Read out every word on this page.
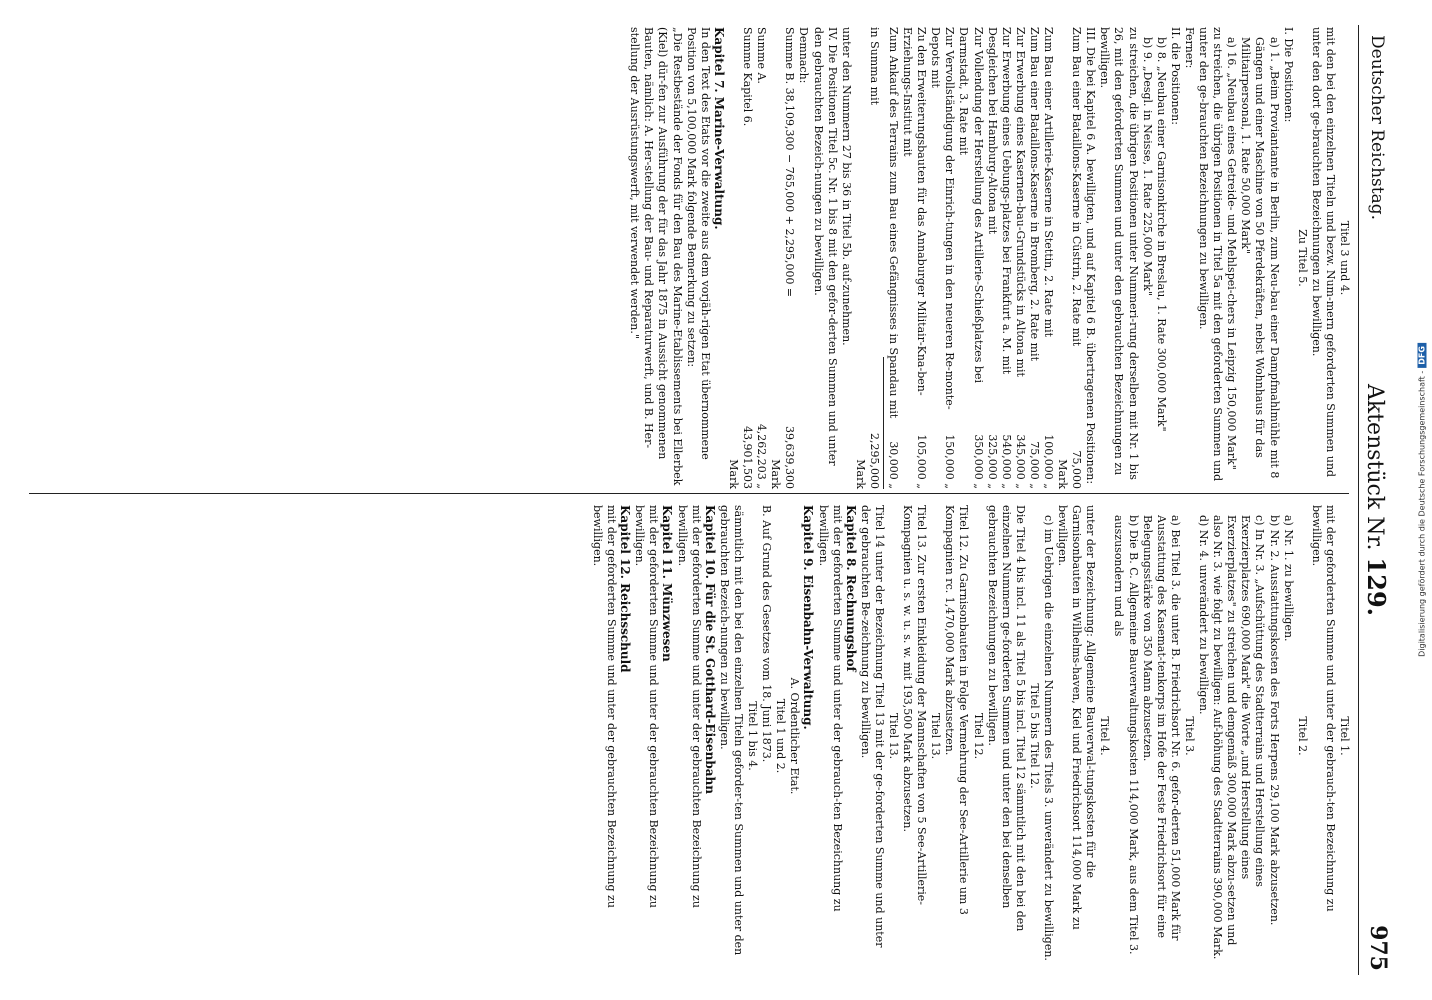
Deutscher Reichstag.
Aktenstück Nr. 129.
975

Titel 3 und 4.

mit den bei den einzelnen Titeln und bezw. Num-mern geforderten Summen und unter den dort ge-brauchten Bezeichnungen zu bewilligen.

Zu Titel 5.

I. Die Positionen:

a) 1. „Beim Proviantamte in Berlin, zum Neu-bau einer Dampfmahlmühle mit 8 Gängen und einer Maschine von 50 Pferdekräften, nebst Wohnhaus für das Militairpersonal, 1. Rate 50,000 Mark"

a) 16. „Neubau eines Getreide- und Mehlspei-chers in Leipzig 150,000 Mark"

zu streichen, die übrigen Positionen in Titel 5a mit den geforderten Summen und unter den ge-brauchten Bezeichnungen zu bewilligen.

Ferner:

II. die Positionen:

b) 8. „Neubau einer Garnisonkirche in Breslau, 1. Rate 300,000 Mark"

b) 9. „Desgl. in Neisse, 1. Rate 225,000 Mark"

zu streichen, die übrigen Positionen unter Nummeri-rung derselben mit Nr. 1 bis 26, mit den geforderten Summen und unter den gebrauchten Bezeichnungen zu bewilligen.

III. Die bei Kapitel 6 A. bewilligten, und auf Kapitel 6 B. übertragenen Positionen:

Zum Bau einer Bataillons-Kaserne in Cüstrin, 2. Rate mit
75,000 Mark
Zum Bau einer Artillerie-Kaserne in Stettin, 2. Rate mit
100,000 „
Zum Bau einer Bataillons-Kaserne in Bromberg, 2. Rate mit
75,000 „
Zur Erwerbung eines Kasernen-bau-Grundstücks in Altona mit
345,000 „
Zur Erwerbung eines Uebungs-platzes bei Frankfurt a. M. mit
540,000 „
Desgleichen bei Hamburg-Altona mit
325,000 „
Zur Vollendung der Herstellung des Artillerie-Schießplatzes bei Darmstadt, 3. Rate mit
350,000 „
Zur Vervollständigung der Einrich-tungen in den neueren Re-monte-Depots mit
150,000 „
Zu den Erweiterungsbauten für das Annaburger Militair-Kna-ben-Erziehungs-Institut mit
105,000 „
Zum Ankauf des Terrains zum Bau eines Gefängnisses in Spandau mit
30,000 „
in Summa mit
2,295,000 Mark

unter den Nummern 27 bis 36 in Titel 5b. auf-zunehmen.

IV. Die Positionen Titel 5c. Nr. 1 bis 8 mit den gefor-derten Summen und unter den gebrauchten Bezeich-nungen zu bewilligen.

Demnach:

Summe B. 38,109,300 − 765,000 + 2,295,000 =
39,639,300 Mark
Summe A.
4,262,203 „
Summe Kapitel 6.
43,901,503 Mark

Kapitel 7. Marine-Verwaltung.

In den Text des Etats vor die zweite aus dem vorjäh-rigen Etat übernommene Position von 5,100,000 Mark folgende Bemerkung zu setzen:

„Die Restbestände der Fonds für den Bau des Marine-Etablissements bei Ellerbek (Kiel) dür-fen zur Ausführung der für das Jahr 1875 in Aussicht genommenen Bauten, nämlich: A. Her-stellung der Bau- und Reparaturwerft, und B. Her-stellung der Ausrüstungswerft, mit verwendet werden."

Titel 1.

mit der geforderten Summe und unter der gebrauch-ten Bezeichnung zu bewilligen.

Titel 2.

a) Nr. 1. zu bewilligen.

b) Nr. 2. Ausstattungskosten des Forts Herpens 29,100 Mark abzusetzen.

c) In Nr. 3. „Aufschüttung des Stadtterrains und Herstellung eines Exerzierplatzes 690,000 Mark" die Worte „und Herstellung eines Exerzierplatzes" zu streichen und demgemäß 300,000 Mark abzu-setzen und also Nr. 3. wie folgt zu bewilligen: Auf-höhung des Stadtterrains 390,000 Mark.

d) Nr. 4. unverändert zu bewilligen.

Titel 3.

a) Bei Titel 3. die unter B. Friedrichsort Nr. 6. gefor-derten 51,000 Mark für Ausstattung des Kasemat-tenkorps im Hofe der Feste Friedrichsort für eine Belegungsstärke von 350 Mann abzusetzen.

b) Die B. C. Allgemeine Bauverwaltungskosten 114,000 Mark, aus dem Titel 3. auszusondern und als

Titel 4.

unter der Bezeichnung: Allgemeine Bauverwal-tungskosten für die Garnisonbauten in Wilhelms-haven, Kiel und Friedrichsort 114,000 Mark zu bewilligen.

c) im Uebrigen die einzelnen Nummern des Titels 3. unverändert zu bewilligen.

Titel 5 bis Titel 12.

Die Titel 4 bis incl. 11 als Titel 5 bis incl. Titel 12 sämmtlich mit den bei den einzelnen Nummern ge-forderten Summen und unter den bei denselben gebrauchten Bezeichnungen zu bewilligen.

Titel 12.

Titel 12. Zu Garnisonbauten in Folge Vermehrung der See-Artillerie um 3 Kompagnien rc. 1,470,000 Mark abzusetzen.

Titel 13.

Titel 13. Zur ersten Einkleidung der Mannschaften von 5 See-Artillerie-Kompagnien u. s. w. u. s. w. mit 193,500 Mark abzusetzen.

Titel 13.

Titel 14 unter der Bezeichnung Titel 13 mit der ge-forderten Summe und unter der gebrauchten Be-zeichnung zu bewilligen.

Kapitel 8. Rechnungshof

mit der geforderten Summe und unter der gebrauch-ten Bezeichnung zu bewilligen.

Kapitel 9. Eisenbahn-Verwaltung.

A. Ordentlicher Etat.

Titel 1 und 2.

B. Auf Grund des Gesetzes vom 18. Juni 1873.

Titel 1 bis 4.

sämmtlich mit den bei den einzelnen Titeln geforder-ten Summen und unter den gebrauchten Bezeich-nungen zu bewilligen.

Kapitel 10. Für die St. Gotthard-Eisenbahn

mit der geforderten Summe und unter der gebrauchten Bezeichnung zu bewilligen.

Kapitel 11. Münzwesen

mit der geforderten Summe und unter der gebrauchten Bezeichnung zu bewilligen.

Kapitel 12. Reichsschuld

mit der geforderten Summe und unter der gebrauchten Bezeichnung zu bewilligen.	Digitalisierung gefördert durch die Deutsche Forschungsgemeinschaft -DFG
